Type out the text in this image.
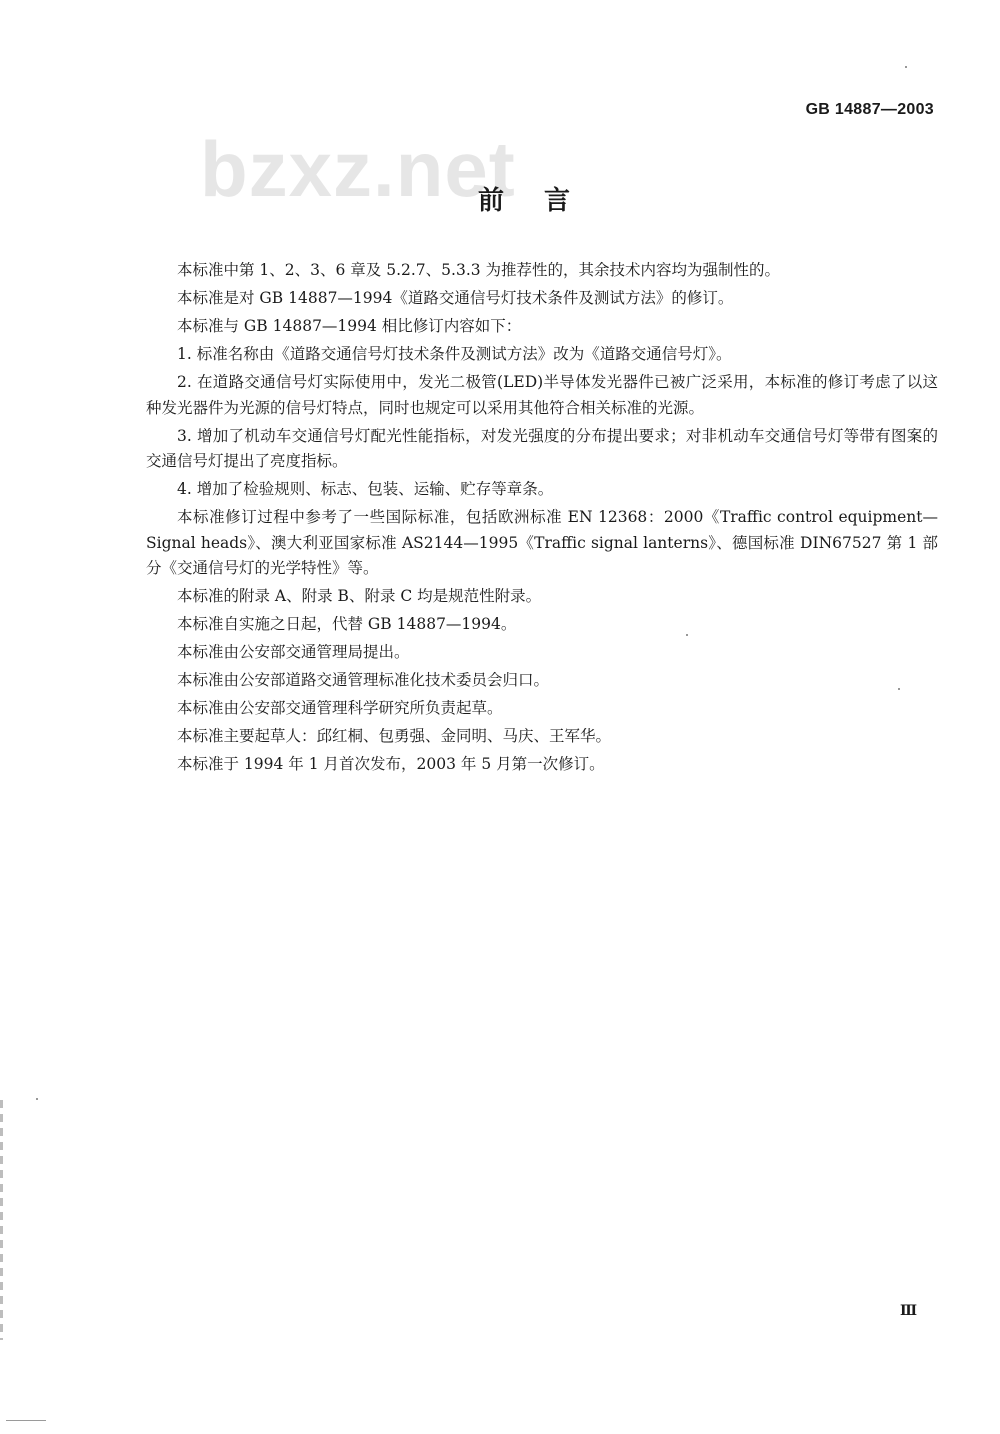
GB 14887—2003
bzxz.net
前言

本标准中第 1、2、3、6 章及 5.2.7、5.3.3 为推荐性的，其余技术内容均为强制性的。

本标准是对 GB 14887—1994《道路交通信号灯技术条件及测试方法》的修订。

本标准与 GB 14887—1994 相比修订内容如下：

1. 标准名称由《道路交通信号灯技术条件及测试方法》改为《道路交通信号灯》。

2. 在道路交通信号灯实际使用中，发光二极管(LED)半导体发光器件已被广泛采用，本标准的修订考虑了以这种发光器件为光源的信号灯特点，同时也规定可以采用其他符合相关标准的光源。

3. 增加了机动车交通信号灯配光性能指标，对发光强度的分布提出要求；对非机动车交通信号灯等带有图案的交通信号灯提出了亮度指标。

4. 增加了检验规则、标志、包装、运输、贮存等章条。

本标准修订过程中参考了一些国际标准，包括欧洲标准 EN 12368：2000《Traffic control equipment—Signal heads》、澳大利亚国家标准 AS2144—1995《Traffic signal lanterns》、德国标准 DIN67527 第 1 部分《交通信号灯的光学特性》等。

本标准的附录 A、附录 B、附录 C 均是规范性附录。

本标准自实施之日起，代替 GB 14887—1994。

本标准由公安部交通管理局提出。

本标准由公安部道路交通管理标准化技术委员会归口。

本标准由公安部交通管理科学研究所负责起草。

本标准主要起草人：邱红桐、包勇强、金同明、马庆、王军华。

本标准于 1994 年 1 月首次发布，2003 年 5 月第一次修订。

Ⅲ
